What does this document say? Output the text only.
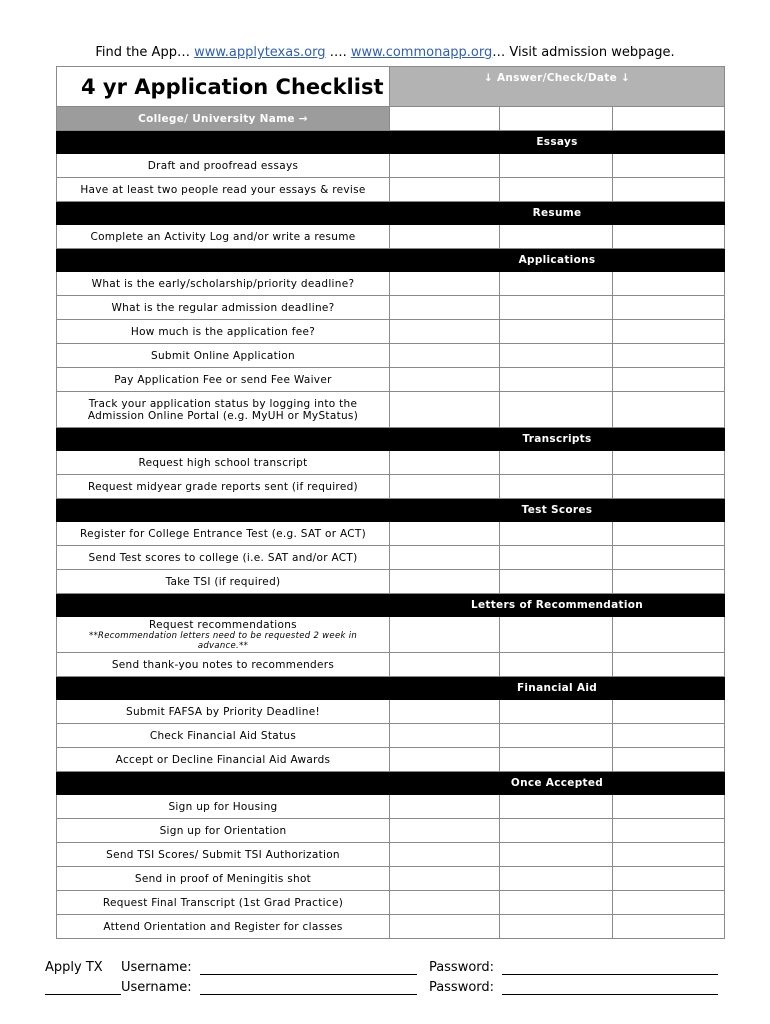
Find the App… www.applytexas.org …. www.commonapp.org… Visit admission webpage.
4 yr Application Checklist	↓ Answer/Check/Date ↓		
College/ University Name →			
	Essays		
Draft and proofread essays			
Have at least two people read your essays & revise			
	Resume		
Complete an Activity Log and/or write a resume			
	Applications		
What is the early/scholarship/priority deadline?			
What is the regular admission deadline?			
How much is the application fee?			
Submit Online Application			
Pay Application Fee or send Fee Waiver			
Track your application status by logging into the Admission Online Portal (e.g. MyUH or MyStatus)			
	Transcripts		
Request high school transcript			
Request midyear grade reports sent (if required)			
	Test Scores		
Register for College Entrance Test (e.g. SAT or ACT)			
Send Test scores to college (i.e. SAT and/or ACT)			
Take TSI (if required)			
	Letters of Recommendation		
Request recommendations
**Recommendation letters need to be requested 2 week in advance.**			

Send thank-you notes to recommenders			
	Financial Aid		
Submit FAFSA by Priority Deadline!			
Check Financial Aid Status			
Accept or Decline Financial Aid Awards			
	Once Accepted		
Sign up for Housing			
Sign up for Orientation			
Send TSI Scores/ Submit TSI Authorization			
Send in proof of Meningitis shot			
Request Final Transcript (1st Grad Practice)			
Attend Orientation and Register for classes			
Apply TX Username:	Password:
Username:	Password:
